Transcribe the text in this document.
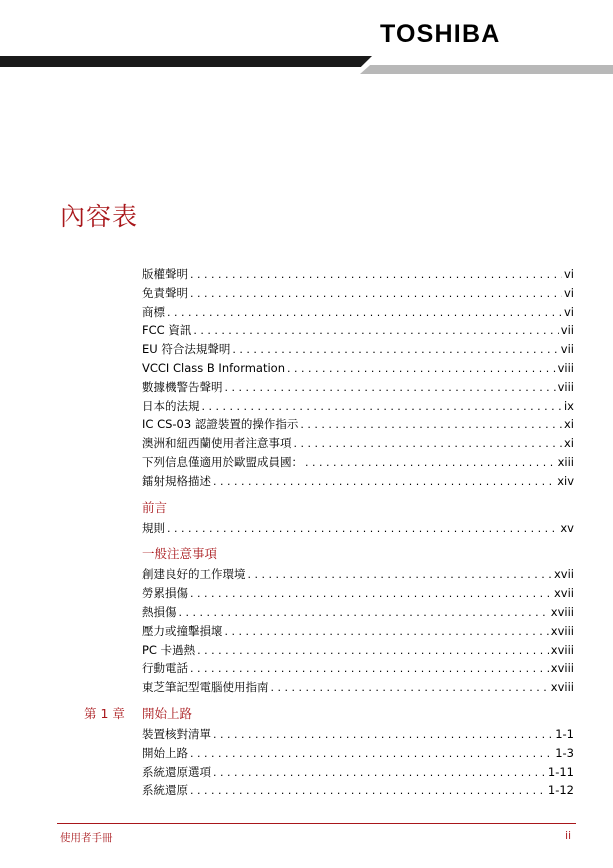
TOSHIBA
內容表
版權聲明 . . .	vi
免責聲明 . . .	vi
商標 . . .	vi
FCC 資訊 . . .	vii
EU 符合法規聲明 . . .	vii
VCCI Class B Information . . .	viii
數據機警告聲明 . . .	viii
日本的法規 . . .	ix
IC CS-03 認證裝置的操作指示 . . .	xi
澳洲和紐西蘭使用者注意事項 . . .	xi
下列信息僅適用於歐盟成員國： . . .	xiii
鐳射規格描述 . . .	xiv
前言
規則 . . .	xv
一般注意事項
創建良好的工作環境 . . .	xvii
勞累損傷 . . .	xvii
熱損傷 . . .	xviii
壓力或撞擊損壞 . . .	xviii
PC 卡過熱 . . .	xviii
行動電話 . . .	xviii
東芝筆記型電腦使用指南 . . .	xviii
第 1 章 開始上路
裝置核對清單 . . .	1-1
開始上路 . . .	1-3
系統還原選項 . . .	1-11
系統還原 . . .	1-12
使用者手冊	ii
